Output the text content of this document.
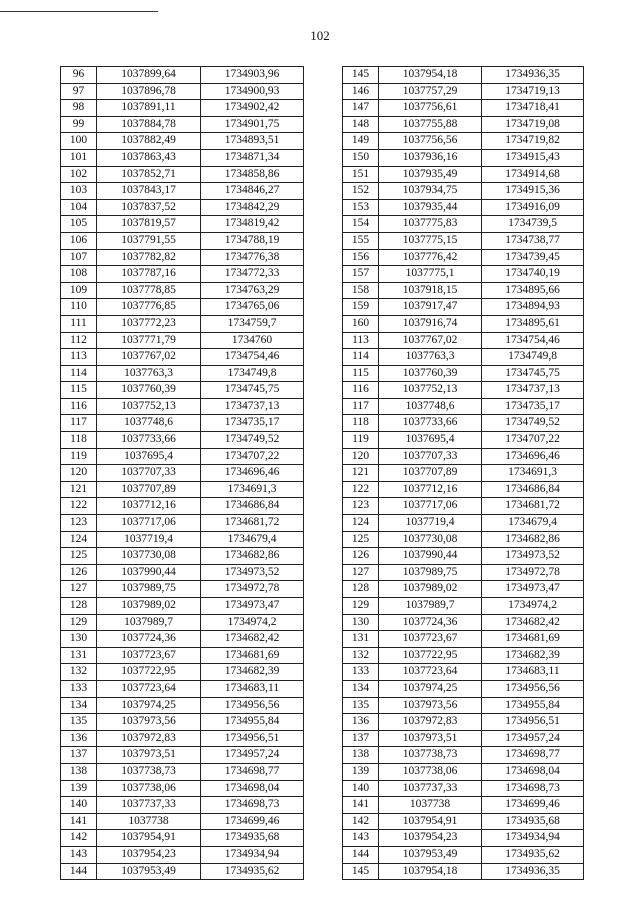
102
96	1037899,64	1734903,96
97	1037896,78	1734900,93
98	1037891,11	1734902,42
99	1037884,78	1734901,75
100	1037882,49	1734893,51
101	1037863,43	1734871,34
102	1037852,71	1734858,86
103	1037843,17	1734846,27
104	1037837,52	1734842,29
105	1037819,57	1734819,42
106	1037791,55	1734788,19
107	1037782,82	1734776,38
108	1037787,16	1734772,33
109	1037778,85	1734763,29
110	1037776,85	1734765,06
111	1037772,23	1734759,7
112	1037771,79	1734760
113	1037767,02	1734754,46
114	1037763,3	1734749,8
115	1037760,39	1734745,75
116	1037752,13	1734737,13
117	1037748,6	1734735,17
118	1037733,66	1734749,52
119	1037695,4	1734707,22
120	1037707,33	1734696,46
121	1037707,89	1734691,3
122	1037712,16	1734686,84
123	1037717,06	1734681,72
124	1037719,4	1734679,4
125	1037730,08	1734682,86
126	1037990,44	1734973,52
127	1037989,75	1734972,78
128	1037989,02	1734973,47
129	1037989,7	1734974,2
130	1037724,36	1734682,42
131	1037723,67	1734681,69
132	1037722,95	1734682,39
133	1037723,64	1734683,11
134	1037974,25	1734956,56
135	1037973,56	1734955,84
136	1037972,83	1734956,51
137	1037973,51	1734957,24
138	1037738,73	1734698,77
139	1037738,06	1734698,04
140	1037737,33	1734698,73
141	1037738	1734699,46
142	1037954,91	1734935,68
143	1037954,23	1734934,94
144	1037953,49	1734935,62
145	1037954,18	1734936,35
146	1037757,29	1734719,13
147	1037756,61	1734718,41
148	1037755,88	1734719,08
149	1037756,56	1734719,82
150	1037936,16	1734915,43
151	1037935,49	1734914,68
152	1037934,75	1734915,36
153	1037935,44	1734916,09
154	1037775,83	1734739,5
155	1037775,15	1734738,77
156	1037776,42	1734739,45
157	1037775,1	1734740,19
158	1037918,15	1734895,66
159	1037917,47	1734894,93
160	1037916,74	1734895,61
113	1037767,02	1734754,46
114	1037763,3	1734749,8
115	1037760,39	1734745,75
116	1037752,13	1734737,13
117	1037748,6	1734735,17
118	1037733,66	1734749,52
119	1037695,4	1734707,22
120	1037707,33	1734696,46
121	1037707,89	1734691,3
122	1037712,16	1734686,84
123	1037717,06	1734681,72
124	1037719,4	1734679,4
125	1037730,08	1734682,86
126	1037990,44	1734973,52
127	1037989,75	1734972,78
128	1037989,02	1734973,47
129	1037989,7	1734974,2
130	1037724,36	1734682,42
131	1037723,67	1734681,69
132	1037722,95	1734682,39
133	1037723,64	1734683,11
134	1037974,25	1734956,56
135	1037973,56	1734955,84
136	1037972,83	1734956,51
137	1037973,51	1734957,24
138	1037738,73	1734698,77
139	1037738,06	1734698,04
140	1037737,33	1734698,73
141	1037738	1734699,46
142	1037954,91	1734935,68
143	1037954,23	1734934,94
144	1037953,49	1734935,62
145	1037954,18	1734936,35
